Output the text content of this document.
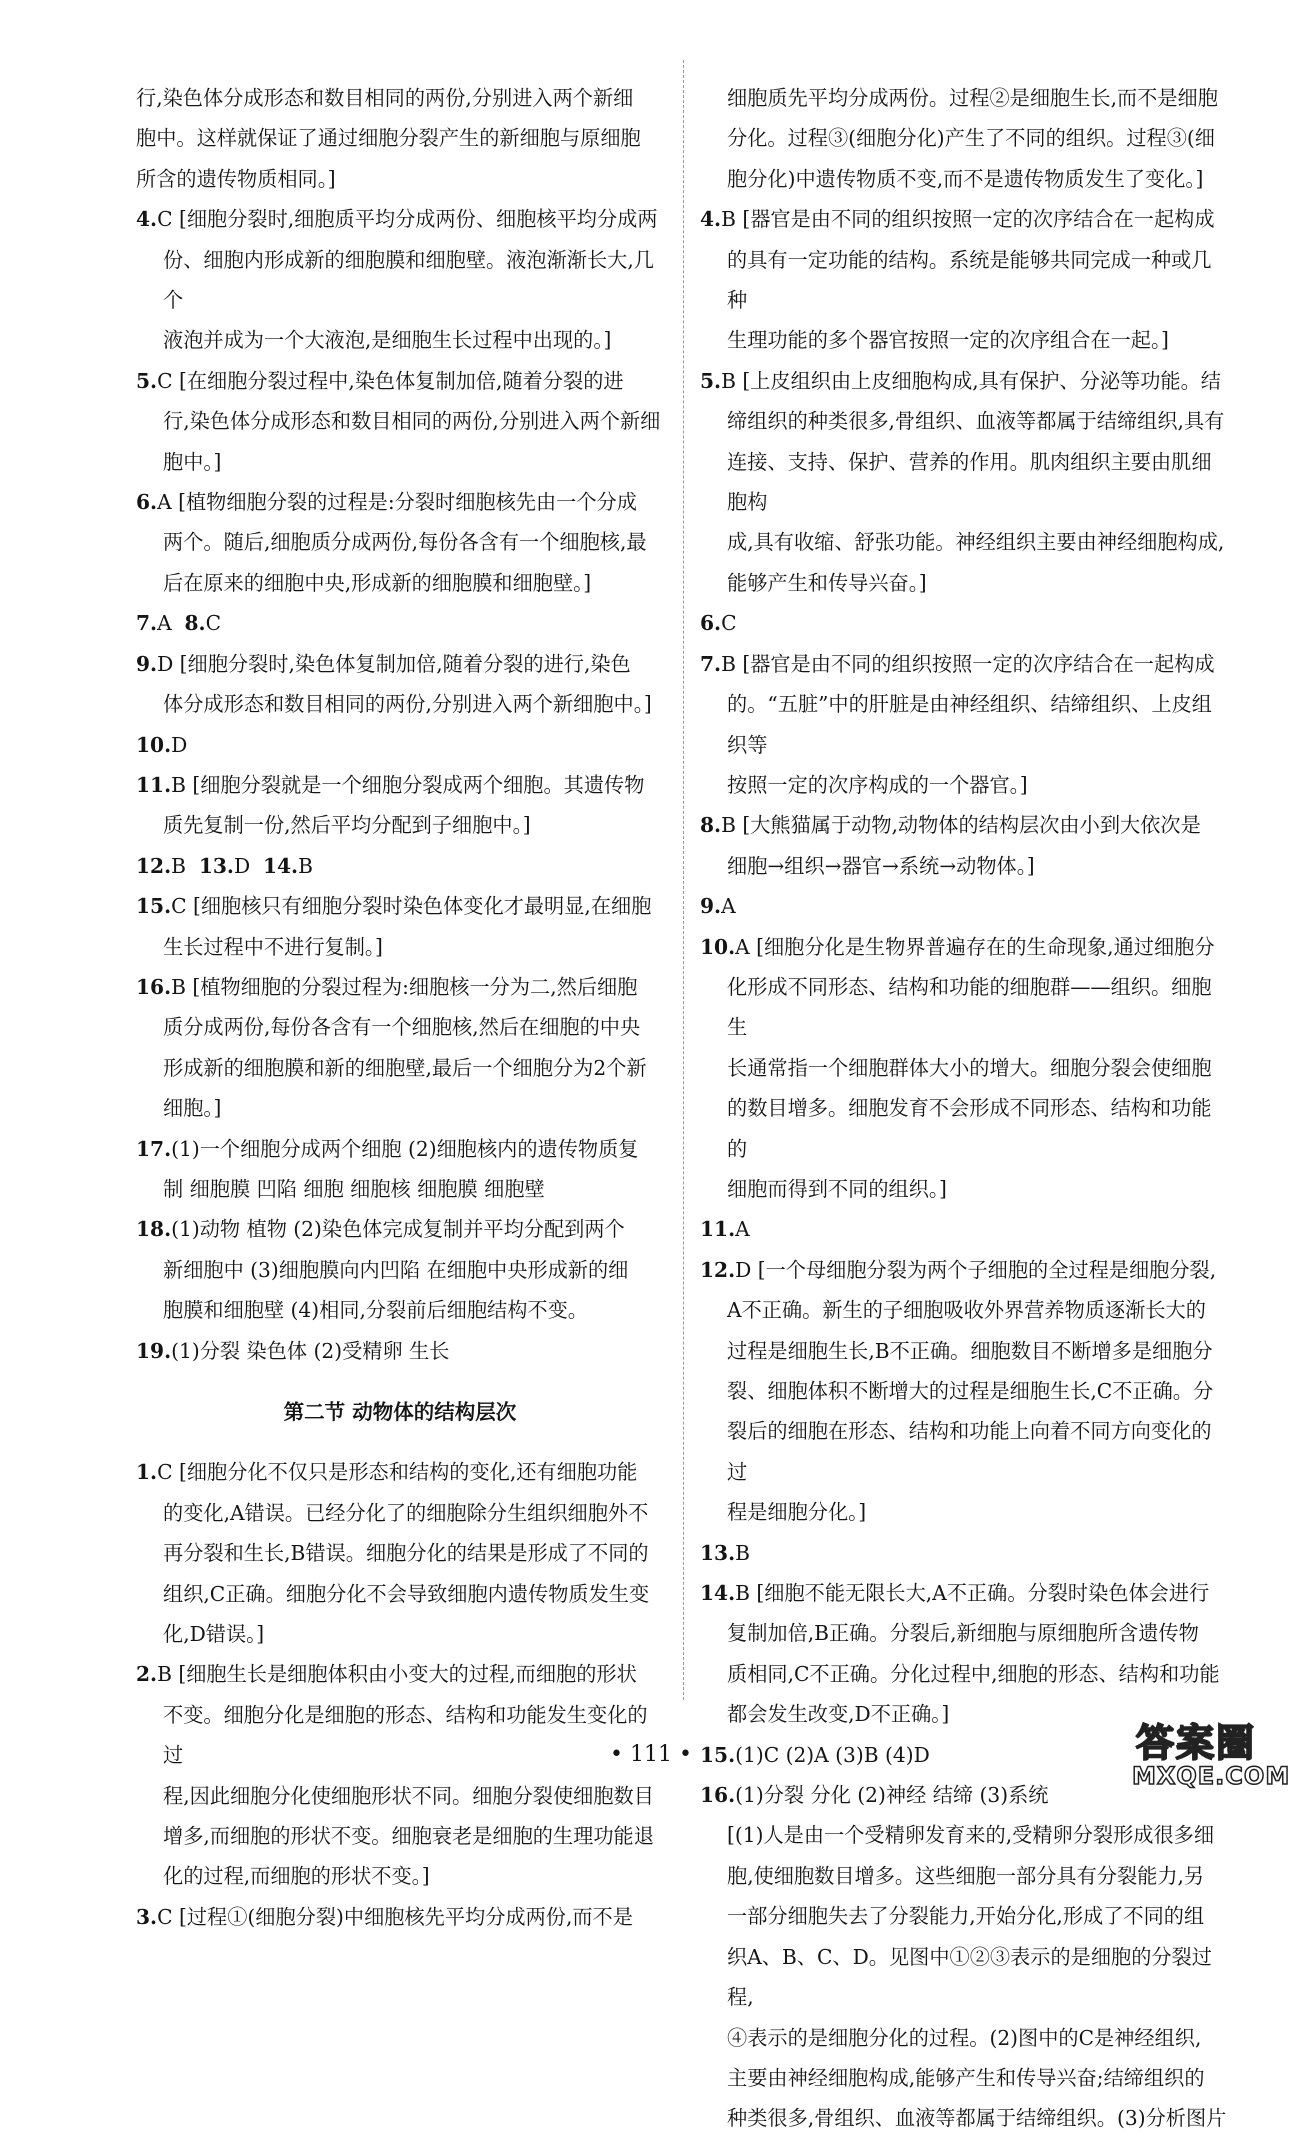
行,染色体分成形态和数目相同的两份,分别进入两个新细

胞中。这样就保证了通过细胞分裂产生的新细胞与原细胞

所含的遗传物质相同。]

4.C [细胞分裂时,细胞质平均分成两份、细胞核平均分成两

份、细胞内形成新的细胞膜和细胞壁。液泡渐渐长大,几个

液泡并成为一个大液泡,是细胞生长过程中出现的。]

5.C [在细胞分裂过程中,染色体复制加倍,随着分裂的进

行,染色体分成形态和数目相同的两份,分别进入两个新细

胞中。]

6.A [植物细胞分裂的过程是:分裂时细胞核先由一个分成

两个。随后,细胞质分成两份,每份各含有一个细胞核,最

后在原来的细胞中央,形成新的细胞膜和细胞壁。]

7.A 8.C

9.D [细胞分裂时,染色体复制加倍,随着分裂的进行,染色

体分成形态和数目相同的两份,分别进入两个新细胞中。]

10.D

11.B [细胞分裂就是一个细胞分裂成两个细胞。其遗传物

质先复制一份,然后平均分配到子细胞中。]

12.B 13.D 14.B

15.C [细胞核只有细胞分裂时染色体变化才最明显,在细胞

生长过程中不进行复制。]

16.B [植物细胞的分裂过程为:细胞核一分为二,然后细胞

质分成两份,每份各含有一个细胞核,然后在细胞的中央

形成新的细胞膜和新的细胞壁,最后一个细胞分为2个新

细胞。]

17.(1)一个细胞分成两个细胞 (2)细胞核内的遗传物质复

制 细胞膜 凹陷 细胞 细胞核 细胞膜 细胞壁

18.(1)动物 植物 (2)染色体完成复制并平均分配到两个

新细胞中 (3)细胞膜向内凹陷 在细胞中央形成新的细

胞膜和细胞壁 (4)相同,分裂前后细胞结构不变。

19.(1)分裂 染色体 (2)受精卵 生长

第二节 动物体的结构层次

1.C [细胞分化不仅只是形态和结构的变化,还有细胞功能

的变化,A错误。已经分化了的细胞除分生组织细胞外不

再分裂和生长,B错误。细胞分化的结果是形成了不同的

组织,C正确。细胞分化不会导致细胞内遗传物质发生变

化,D错误。]

2.B [细胞生长是细胞体积由小变大的过程,而细胞的形状

不变。细胞分化是细胞的形态、结构和功能发生变化的过

程,因此细胞分化使细胞形状不同。细胞分裂使细胞数目

增多,而细胞的形状不变。细胞衰老是细胞的生理功能退

化的过程,而细胞的形状不变。]

3.C [过程①(细胞分裂)中细胞核先平均分成两份,而不是

细胞质先平均分成两份。过程②是细胞生长,而不是细胞

分化。过程③(细胞分化)产生了不同的组织。过程③(细

胞分化)中遗传物质不变,而不是遗传物质发生了变化。]

4.B [器官是由不同的组织按照一定的次序结合在一起构成

的具有一定功能的结构。系统是能够共同完成一种或几种

生理功能的多个器官按照一定的次序组合在一起。]

5.B [上皮组织由上皮细胞构成,具有保护、分泌等功能。结

缔组织的种类很多,骨组织、血液等都属于结缔组织,具有

连接、支持、保护、营养的作用。肌肉组织主要由肌细胞构

成,具有收缩、舒张功能。神经组织主要由神经细胞构成,

能够产生和传导兴奋。]

6.C

7.B [器官是由不同的组织按照一定的次序结合在一起构成

的。“五脏”中的肝脏是由神经组织、结缔组织、上皮组织等

按照一定的次序构成的一个器官。]

8.B [大熊猫属于动物,动物体的结构层次由小到大依次是

细胞→组织→器官→系统→动物体。]

9.A

10.A [细胞分化是生物界普遍存在的生命现象,通过细胞分

化形成不同形态、结构和功能的细胞群——组织。细胞生

长通常指一个细胞群体大小的增大。细胞分裂会使细胞

的数目增多。细胞发育不会形成不同形态、结构和功能的

细胞而得到不同的组织。]

11.A

12.D [一个母细胞分裂为两个子细胞的全过程是细胞分裂,

A不正确。新生的子细胞吸收外界营养物质逐渐长大的

过程是细胞生长,B不正确。细胞数目不断增多是细胞分

裂、细胞体积不断增大的过程是细胞生长,C不正确。分

裂后的细胞在形态、结构和功能上向着不同方向变化的过

程是细胞分化。]

13.B

14.B [细胞不能无限长大,A不正确。分裂时染色体会进行

复制加倍,B正确。分裂后,新细胞与原细胞所含遗传物

质相同,C不正确。分化过程中,细胞的形态、结构和功能

都会发生改变,D不正确。]

15.(1)C (2)A (3)B (4)D

16.(1)分裂 分化 (2)神经 结缔 (3)系统

[(1)人是由一个受精卵发育来的,受精卵分裂形成很多细

胞,使细胞数目增多。这些细胞一部分具有分裂能力,另

一部分细胞失去了分裂能力,开始分化,形成了不同的组

织A、B、C、D。见图中①②③表示的是细胞的分裂过程,

④表示的是细胞分化的过程。(2)图中的C是神经组织,

主要由神经细胞构成,能够产生和传导兴奋;结缔组织的

种类很多,骨组织、血液等都属于结缔组织。(3)分析图片

• 111 •	答案圈
MXQE.COM
